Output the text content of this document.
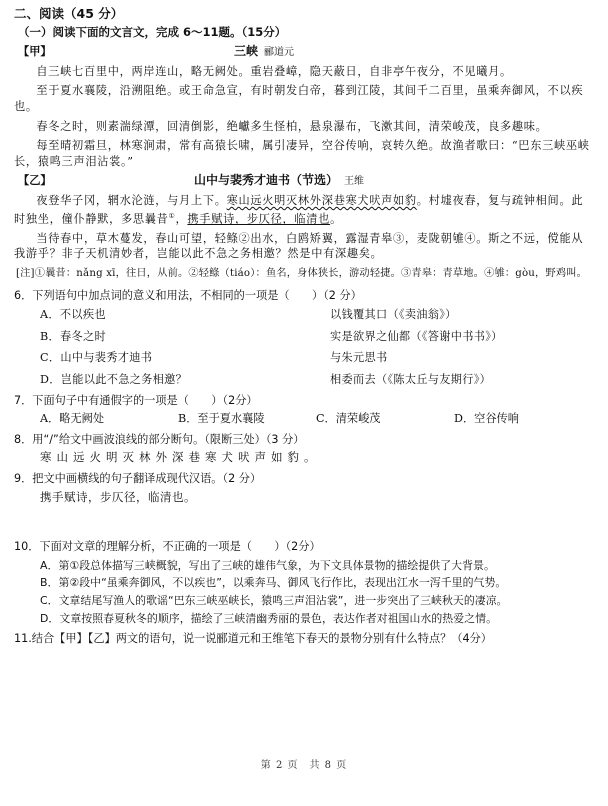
二、阅读（45 分）
（一）阅读下面的文言文，完成 6～11题。（15分）
【甲】	三峡 郦道元
自三峡七百里中，两岸连山，略无阙处。重岩叠嶂，隐天蔽日，自非亭午夜分，不见曦月。
至于夏水襄陵，沿溯阻绝。或王命急宣，有时朝发白帝，暮到江陵，其间千二百里，虽乘奔御风，不以疾也。
春冬之时，则素湍绿潭，回清倒影，绝巘多生怪柏，悬泉瀑布，飞漱其间，清荣峻茂，良多趣味。
每至晴初霜旦，林寒涧肃，常有高猿长啸，属引凄异，空谷传响，哀转久绝。故渔者歌曰：“巴东三峡巫峡长，猿鸣三声泪沾裳。”
【乙】	山中与裴秀才迪书（节选） 王维
夜登华子冈，辋水沦涟，与月上下。寒山远火明灭林外深巷寒犬吠声如豹。村墟夜舂，复与疏钟相间。此时独坐，僮仆静默，多思曩昔①，携手赋诗，步仄径，临清也。
当待春中，草木蔓发，春山可望，轻鲦②出水，白鸥矫翼，露湿青皋③，麦陇朝雊④。斯之不远，傥能从我游乎？非子天机清妙者，岂能以此不急之务相邀？然是中有深趣矣。
[注]①曩昔：nǎng xī，往日，从前。②轻鲦（tiáo）：鱼名，身体狭长，游动轻捷。③青皋：青草地。④雊：gòu，野鸡叫。
6．下列语句中加点词的意义和用法，不相同的一项是（　　）（2 分）
A．不以疾也	以钱覆其口（《卖油翁》）
B．春冬之时	实是欲界之仙都（《答谢中书书》）
C．山中与裴秀才迪书	与朱元思书
D．岂能以此不急之务相邀？	相委而去（《陈太丘与友期行》）
7．下面句子中有通假字的一项是（　　）（2分）
A．略无阙处	B．至于夏水襄陵	C．清荣峻茂	D．空谷传响
8．用“/”给文中画波浪线的部分断句。（限断三处）（3 分）
寒山远火明灭林外深巷寒犬吠声如豹。
9．把文中画横线的句子翻译成现代汉语。（2 分）
携手赋诗，步仄径，临清也。
10．下面对文章的理解分析，不正确的一项是（　　）（2分）
A．第①段总体描写三峡概貌，写出了三峡的雄伟气象，为下文具体景物的描绘提供了大背景。
B．第②段中“虽乘奔御风，不以疾也”，以乘奔马、御风飞行作比，表现出江水一泻千里的气势。
C．文章结尾写渔人的歌谣“巴东三峡巫峡长，猿鸣三声泪沾裳”，进一步突出了三峡秋天的凄凉。
D．文章按照春夏秋冬的顺序，描绘了三峡清幽秀丽的景色，表达作者对祖国山水的热爱之情。
11.结合【甲】【乙】两文的语句，说一说郦道元和王维笔下春天的景物分别有什么特点？（4分）
第 2 页　共 8 页
